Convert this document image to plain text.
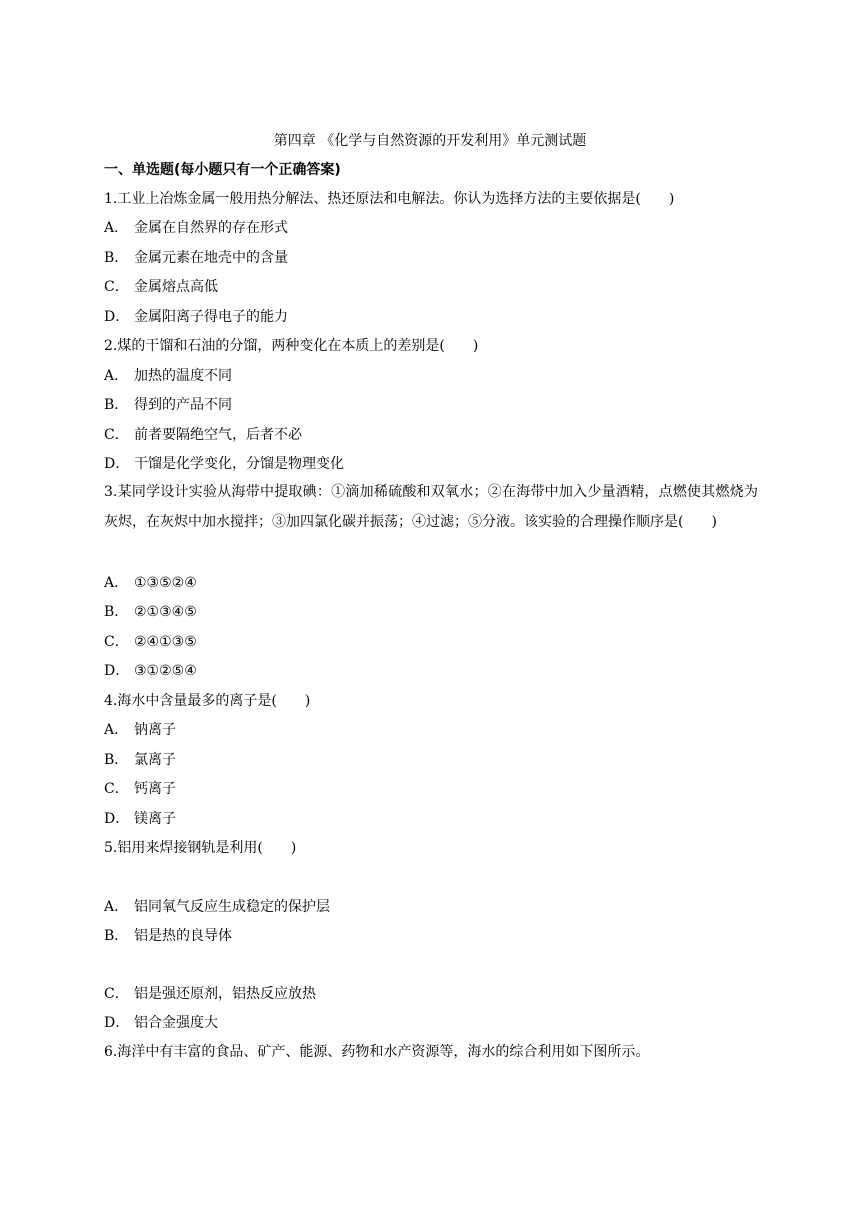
第四章 《化学与自然资源的开发利用》单元测试题
一、单选题(每小题只有一个正确答案)
1.工业上冶炼金属一般用热分解法、热还原法和电解法。你认为选择方法的主要依据是(　　)
A． 金属在自然界的存在形式
B． 金属元素在地壳中的含量
C． 金属熔点高低
D． 金属阳离子得电子的能力
2.煤的干馏和石油的分馏，两种变化在本质上的差别是(　　)
A． 加热的温度不同
B． 得到的产品不同
C． 前者要隔绝空气，后者不必
D． 干馏是化学变化，分馏是物理变化
3.某同学设计实验从海带中提取碘：①滴加稀硫酸和双氧水；②在海带中加入少量酒精，点燃使其燃烧为灰烬，在灰烬中加水搅拌；③加四氯化碳并振荡；④过滤；⑤分液。该实验的合理操作顺序是(　　)
A． ①③⑤②④
B． ②①③④⑤
C． ②④①③⑤
D． ③①②⑤④
4.海水中含量最多的离子是(　　)
A． 钠离子
B． 氯离子
C． 钙离子
D． 镁离子
5.铝用来焊接钢轨是利用(　　)
A． 铝同氧气反应生成稳定的保护层
B． 铝是热的良导体
C． 铝是强还原剂，铝热反应放热
D． 铝合金强度大
6.海洋中有丰富的食品、矿产、能源、药物和水产资源等，海水的综合利用如下图所示。
